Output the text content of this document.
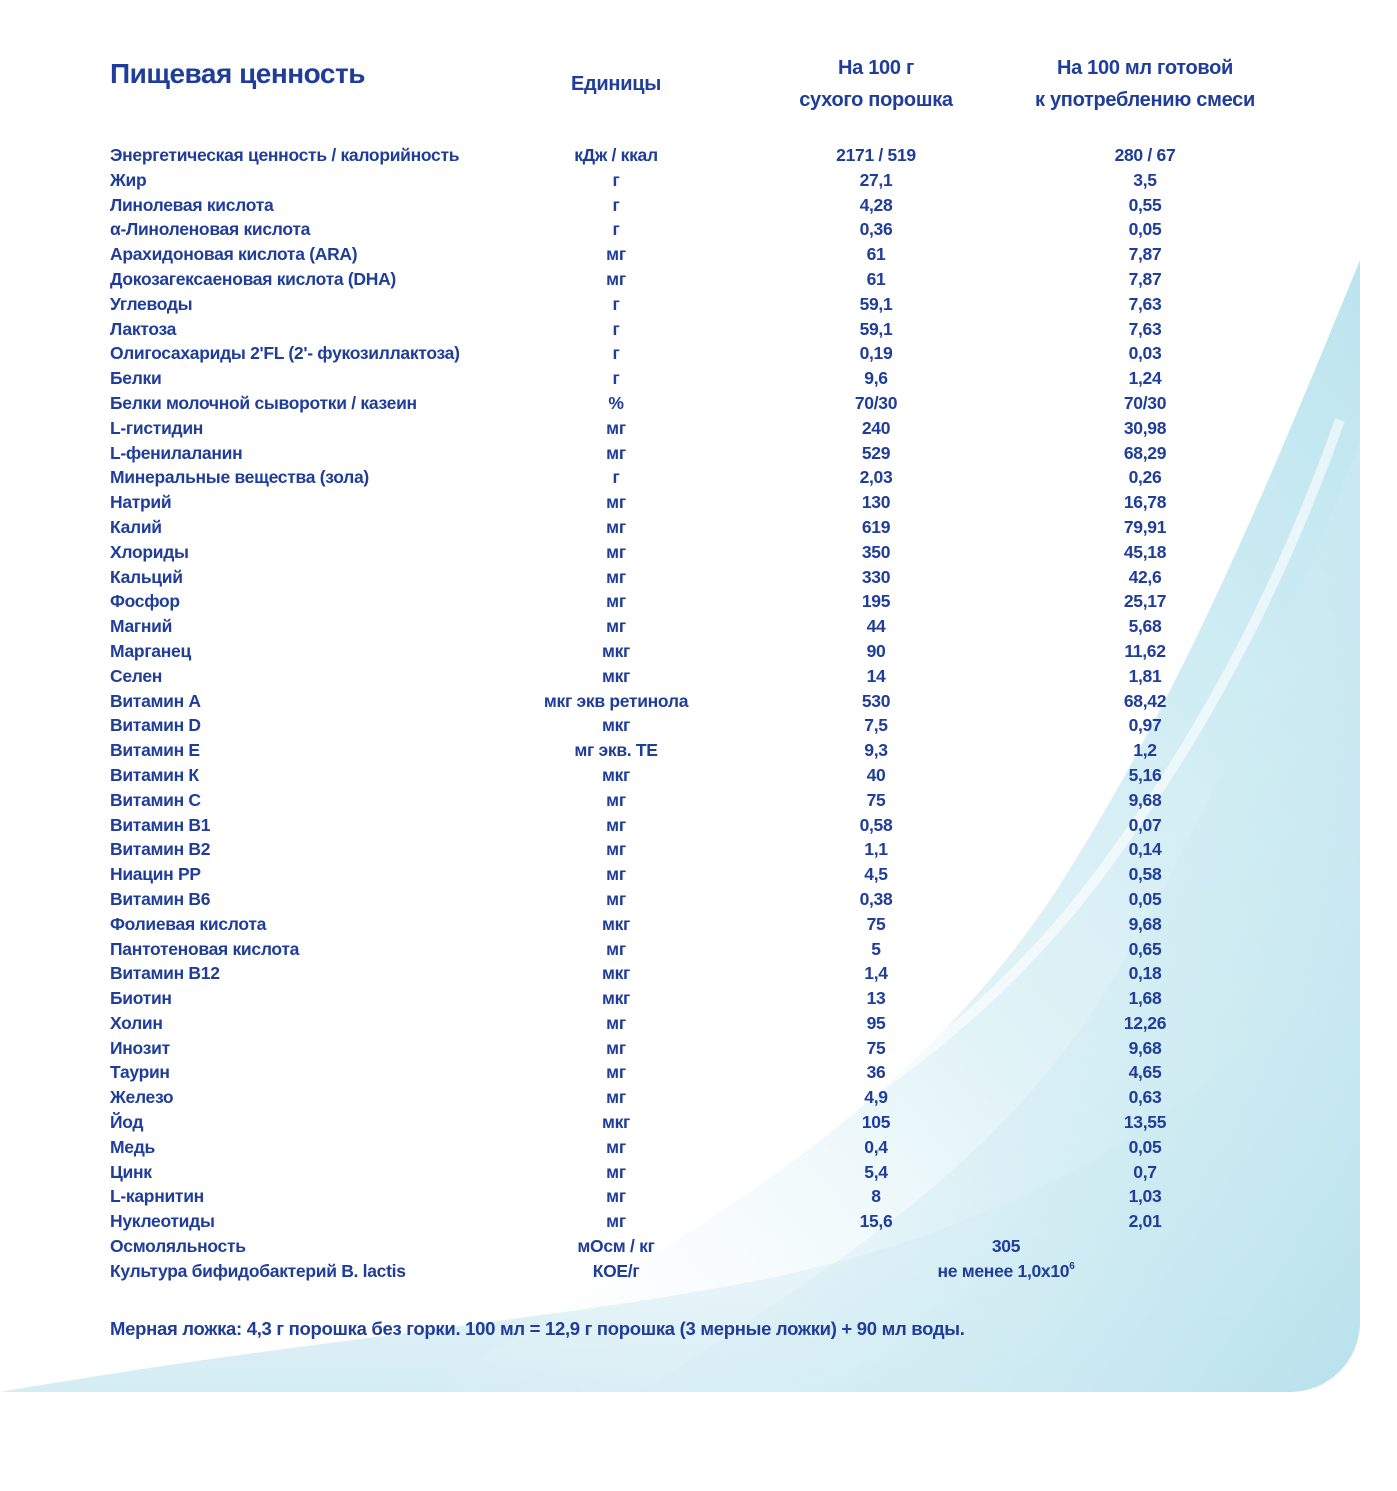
Пищевая ценность	Единицы
На 100 г
сухого порошка
На 100 мл готовой
к употреблению смеси
Энергетическая ценность / калорийность	кДж / ккал	2171 / 519	280 / 67
Жир	г	27,1	3,5
Линолевая кислота	г	4,28	0,55
α-Линоленовая кислота	г	0,36	0,05
Арахидоновая кислота (ARA)	мг	61	7,87
Докозагексаеновая кислота (DHA)	мг	61	7,87
Углеводы	г	59,1	7,63
Лактоза	г	59,1	7,63
Олигосахариды 2'FL (2'- фукозиллактоза)	г	0,19	0,03
Белки	г	9,6	1,24
Белки молочной сыворотки / казеин	%	70/30	70/30
L-гистидин	мг	240	30,98
L-фенилаланин	мг	529	68,29
Минеральные вещества (зола)	г	2,03	0,26
Натрий	мг	130	16,78
Калий	мг	619	79,91
Хлориды	мг	350	45,18
Кальций	мг	330	42,6
Фосфор	мг	195	25,17
Магний	мг	44	5,68
Марганец	мкг	90	11,62
Селен	мкг	14	1,81
Витамин А	мкг экв ретинола	530	68,42
Витамин D	мкг	7,5	0,97
Витамин Е	мг экв. ТЕ	9,3	1,2
Витамин К	мкг	40	5,16
Витамин С	мг	75	9,68
Витамин В1	мг	0,58	0,07
Витамин В2	мг	1,1	0,14
Ниацин РР	мг	4,5	0,58
Витамин В6	мг	0,38	0,05
Фолиевая кислота	мкг	75	9,68
Пантотеновая кислота	мг	5	0,65
Витамин В12	мкг	1,4	0,18
Биотин	мкг	13	1,68
Холин	мг	95	12,26
Инозит	мг	75	9,68
Таурин	мг	36	4,65
Железо	мг	4,9	0,63
Йод	мкг	105	13,55
Медь	мг	0,4	0,05
Цинк	мг	5,4	0,7
L-карнитин	мг	8	1,03
Нуклеотиды	мг	15,6	2,01
Осмоляльность	мОсм / кг	305
Культура бифидобактерий B. lactis	КОЕ/г	не менее $1,0х10^6$
Мерная ложка: 4,3 г порошка без горки. 100 мл = 12,9 г порошка (3 мерные ложки) + 90 мл воды.
